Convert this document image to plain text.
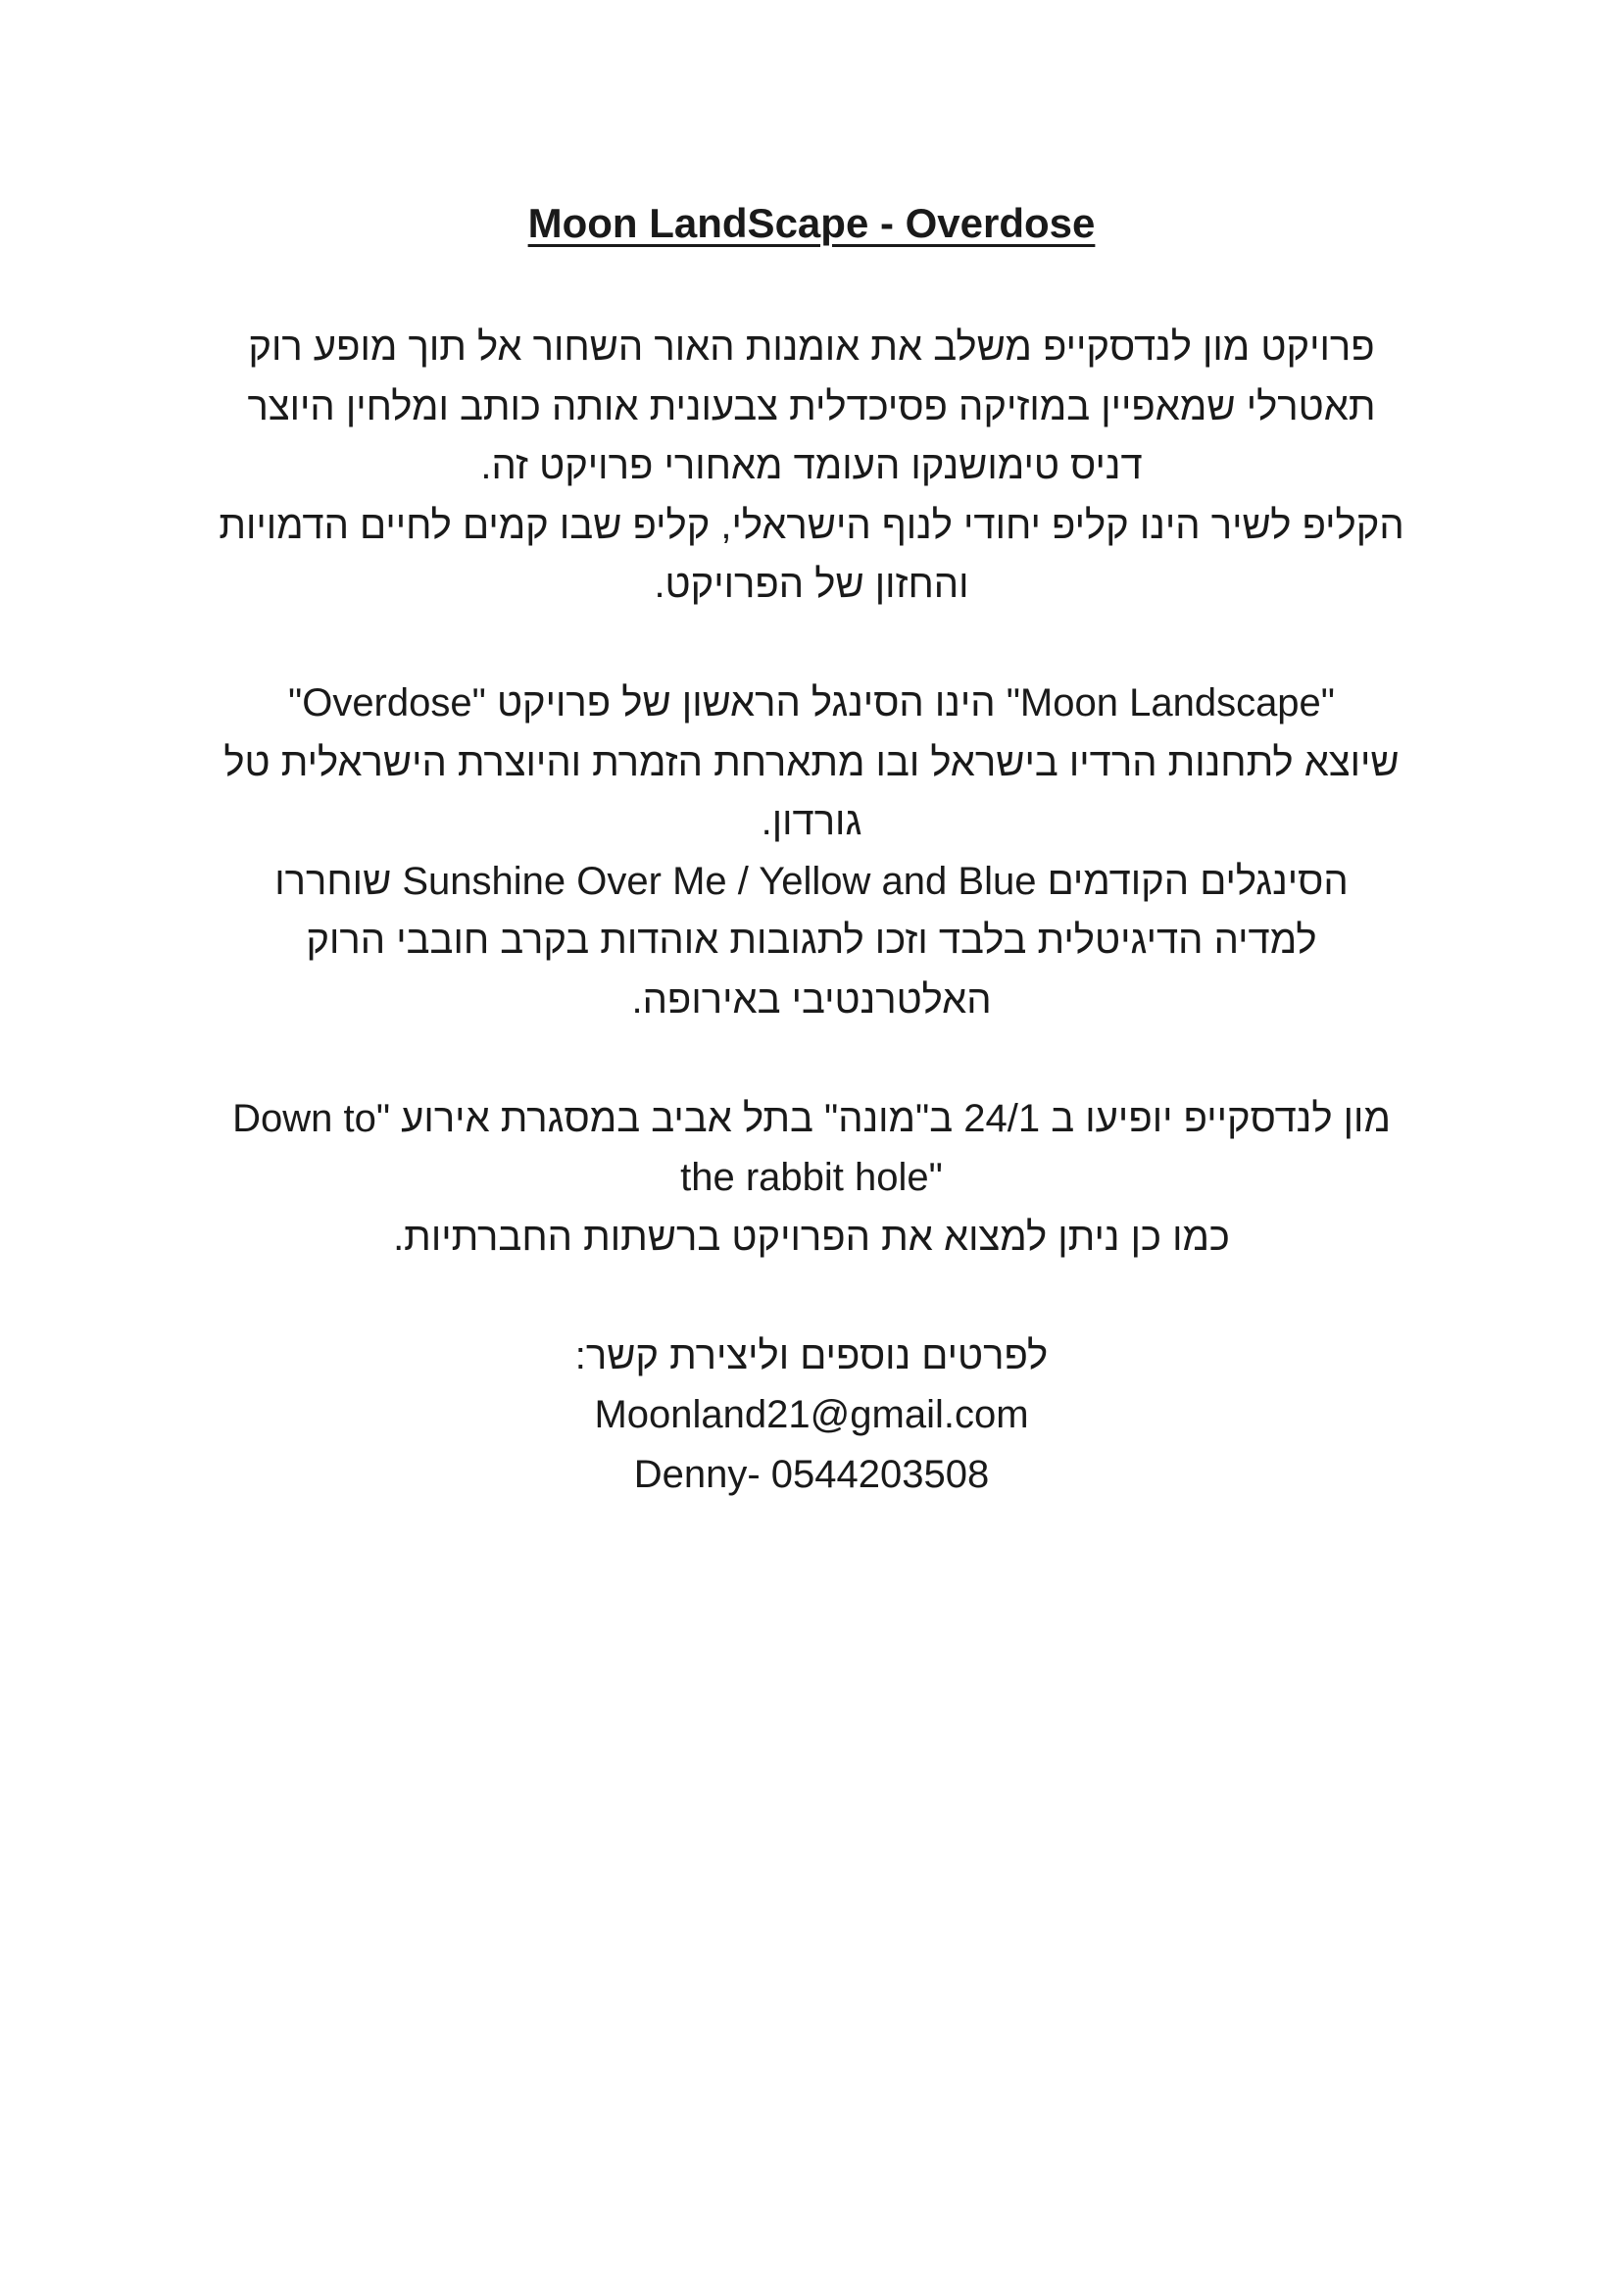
Moon LandScape - Overdose
פרויקט מון לנדסקייפ משלב את אומנות האור השחור אל תוך מופע רוק
תאטרלי שמאפיין במוזיקה פסיכדלית צבעונית אותה כותב ומלחין היוצר
דניס טימושנקו העומד מאחורי פרויקט זה.
הקליפ לשיר הינו קליפ יחודי לנוף הישראלי, קליפ שבו קמים לחיים הדמויות
והחזון של הפרויקט.
"Overdose" הינו הסינגל הראשון של פרויקט "Moon Landscape"
שיוצא לתחנות הרדיו בישראל ובו מתארחת הזמרת והיוצרת הישראלית טל
גורדון.
הסינגלים הקודמים Sunshine Over Me / Yellow and Blue שוחררו
למדיה הדיגיטלית בלבד וזכו לתגובות אוהדות בקרב חובבי הרוק
האלטרנטיבי באירופה.
מון לנדסקייפ יופיעו ב 24/1 ב"מונה" בתל אביב במסגרת אירוע "Down to
the rabbit hole"
כמו כן ניתן למצוא את הפרויקט ברשתות החברתיות.
לפרטים נוספים וליצירת קשר:
Moonland21@gmail.com
Denny- 0544203508
